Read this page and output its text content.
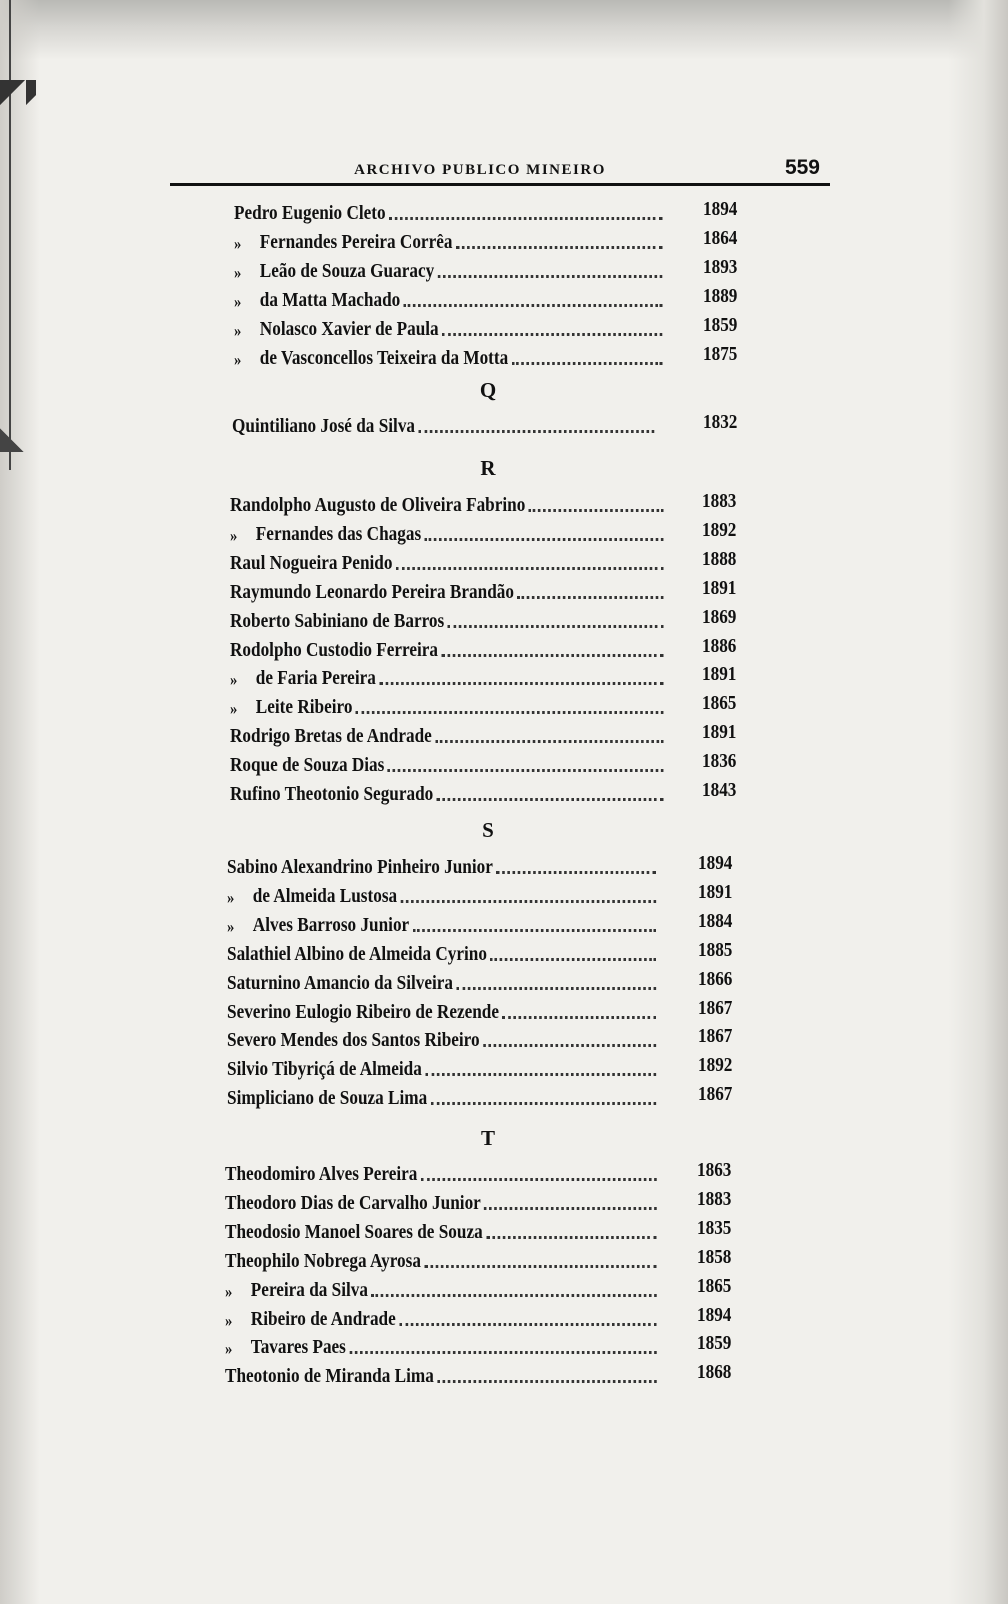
ARCHIVO PUBLICO MINEIRO	559
Pedro Eugenio Cleto	1894
» Fernandes Pereira Corrêa	1864
» Leão de Souza Guaracy	1893
» da Matta Machado	1889
» Nolasco Xavier de Paula	1859
» de Vasconcellos Teixeira da Motta	1875
Q
Quintiliano José da Silva	1832
R
Randolpho Augusto de Oliveira Fabrino	1883
» Fernandes das Chagas	1892
Raul Nogueira Penido	1888
Raymundo Leonardo Pereira Brandão	1891
Roberto Sabiniano de Barros	1869
Rodolpho Custodio Ferreira	1886
» de Faria Pereira	1891
» Leite Ribeiro	1865
Rodrigo Bretas de Andrade	1891
Roque de Souza Dias	1836
Rufino Theotonio Segurado	1843
S
Sabino Alexandrino Pinheiro Junior	1894
» de Almeida Lustosa	1891
» Alves Barroso Junior	1884
Salathiel Albino de Almeida Cyrino	1885
Saturnino Amancio da Silveira	1866
Severino Eulogio Ribeiro de Rezende	1867
Severo Mendes dos Santos Ribeiro	1867
Silvio Tibyriçá de Almeida	1892
Simpliciano de Souza Lima	1867
T
Theodomiro Alves Pereira	1863
Theodoro Dias de Carvalho Junior	1883
Theodosio Manoel Soares de Souza	1835
Theophilo Nobrega Ayrosa	1858
» Pereira da Silva	1865
» Ribeiro de Andrade	1894
» Tavares Paes	1859
Theotonio de Miranda Lima	1868
